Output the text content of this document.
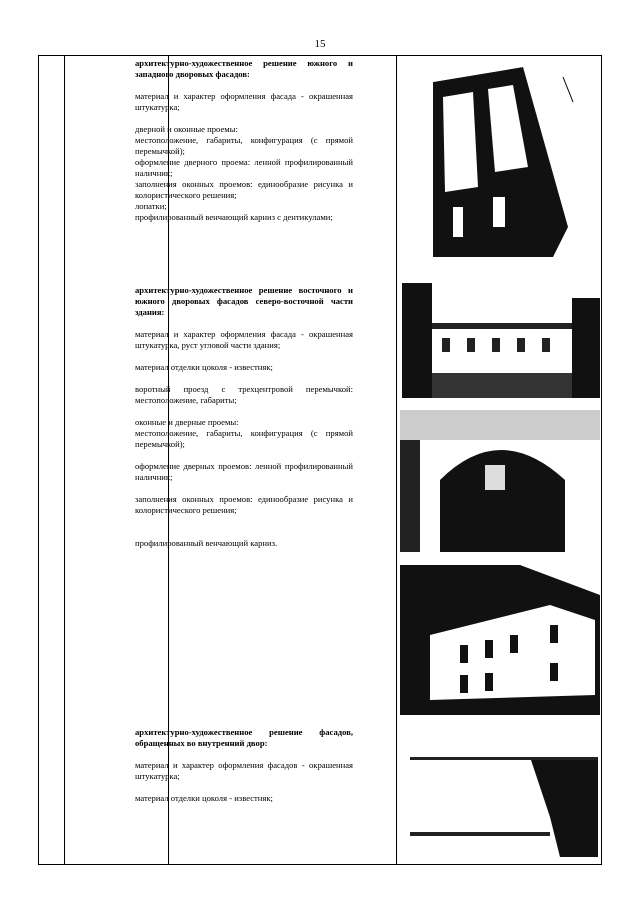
15
архитектурно-художественное решение южного и западного дворовых фасадов:

материал и характер оформления фасада - окрашенная штукатурка;

дверной и оконные проемы:

местоположение, габариты, конфигурация (с прямой перемычкой);

оформление дверного проема: ленной профилированный наличник;

заполнения оконных проемов: единообразие рисунка и колористического решения;

лопатки;

профилированный венчающий карниз с дентикулами;

архитектурно-художественное решение восточного и южного дворовых фасадов северо-восточной части здания:

материал и характер оформления фасада - окрашенная штукатурка, руст угловой части здания;

материал отделки цоколя - известняк;

воротный проезд с трехцентровой перемычкой: местоположение, габариты;

оконные и дверные проемы:

местоположение, габариты, конфигурация (с прямой перемычкой);

оформление дверных проемов: ленной профилированный наличник;

заполнения оконных проемов: единообразие рисунка и колористического решения;

профилированный венчающий карниз.

архитектурно-художественное решение фасадов, обращенных во внутренний двор:

материал и характер оформления фасадов - окрашенная штукатурка;

материал отделки цоколя - известняк;
